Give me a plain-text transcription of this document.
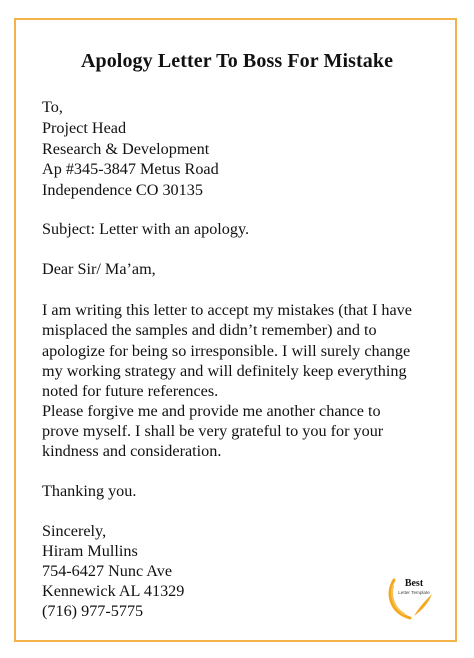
Apology Letter To Boss For Mistake
To,
Project Head
Research & Development
Ap #345-3847 Metus Road
Independence CO 30135
Subject: Letter with an apology.
Dear Sir/ Ma’am,
I am writing this letter to accept my mistakes (that I have
misplaced the samples and didn’t remember) and to
apologize for being so irresponsible. I will surely change
my working strategy and will definitely keep everything
noted for future references.
Please forgive me and provide me another chance to
prove myself. I shall be very grateful to you for your
kindness and consideration.
Thanking you.
Sincerely,
Hiram Mullins
754-6427 Nunc Ave
Kennewick AL 41329
(716) 977-5775
Best
Letter Template
